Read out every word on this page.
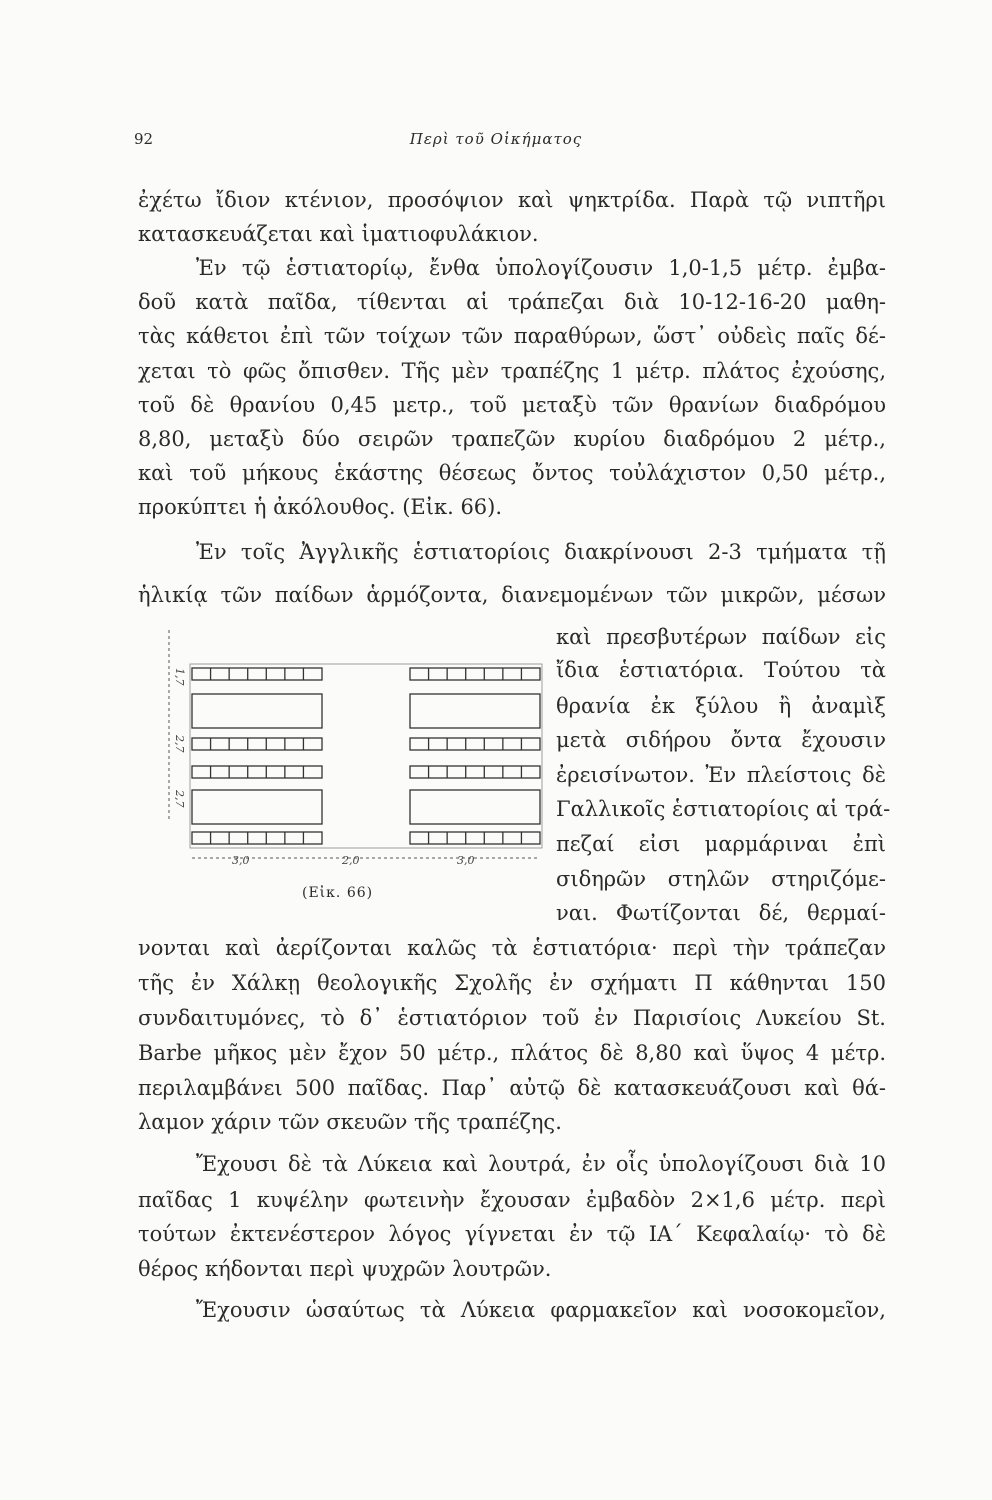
92	Περὶ τοῦ Οἰκήματος
ἐχέτω ἴδιον κτένιον, προσόψιον καὶ ψηκτρίδα. Παρὰ τῷ νιπτῆρι
κατασκευάζεται καὶ ἱματιοφυλάκιον.
Ἐν τῷ ἑστιατορίῳ, ἔνθα ὑπολογίζουσιν 1,0-1,5 μέτρ. ἐμβα-
δοῦ κατὰ παῖδα, τίθενται αἱ τράπεζαι διὰ 10-12-16-20 μαθη-
τὰς κάθετοι ἐπὶ τῶν τοίχων τῶν παραθύρων, ὥστ᾽ οὐδεὶς παῖς δέ-
χεται τὸ φῶς ὄπισθεν. Τῆς μὲν τραπέζης 1 μέτρ. πλάτος ἐχούσης,
τοῦ δὲ θρανίου 0,45 μετρ., τοῦ μεταξὺ τῶν θρανίων διαδρόμου
8,80, μεταξὺ δύο σειρῶν τραπεζῶν κυρίου διαδρόμου 2 μέτρ.,
καὶ τοῦ μήκους ἑκάστης θέσεως ὄντος τοὐλάχιστον 0,50 μέτρ.,
προκύπτει ἡ ἀκόλουθος. (Εἰκ. 66).
Ἐν τοῖς Ἀγγλικῆς ἑστιατορίοις διακρίνουσι 2-3 τμήματα τῇ
ἡλικίᾳ τῶν παίδων ἁρμόζοντα, διανεμομένων τῶν μικρῶν, μέσων
καὶ πρεσβυτέρων παίδων εἰς
ἴδια ἑστιατόρια. Τούτου τὰ
θρανία ἐκ ξύλου ἢ ἀναμὶξ
μετὰ σιδήρου ὄντα ἔχουσιν
ἐρεισίνωτον. Ἐν πλείστοις δὲ
Γαλλικοῖς ἑστιατορίοις αἱ τρά-
πεζαί εἰσι μαρμάριναι ἐπὶ
σιδηρῶν στηλῶν στηριζόμε-
ναι. Φωτίζονται δέ, θερμαί-
νονται καὶ ἀερίζονται καλῶς τὰ ἑστιατόρια· περὶ τὴν τράπεζαν
τῆς ἐν Χάλκῃ θεολογικῆς Σχολῆς ἐν σχήματι Π κάθηνται 150
συνδαιτυμόνες, τὸ δ᾽ ἑστιατόριον τοῦ ἐν Παρισίοις Λυκείου St.
Barbe μῆκος μὲν ἔχον 50 μέτρ., πλάτος δὲ 8,80 καὶ ὕψος 4 μέτρ.
περιλαμβάνει 500 παῖδας. Παρ᾽ αὐτῷ δὲ κατασκευάζουσι καὶ θά-
λαμον χάριν τῶν σκευῶν τῆς τραπέζης.
Ἔχουσι δὲ τὰ Λύκεια καὶ λουτρά, ἐν οἷς ὑπολογίζουσι διὰ 10
παῖδας 1 κυψέλην φωτεινὴν ἔχουσαν ἐμβαδὸν 2×1,6 μέτρ. περὶ
τούτων ἐκτενέστερον λόγος γίγνεται ἐν τῷ ΙΑ΄ Κεφαλαίῳ· τὸ δὲ
θέρος κήδονται περὶ ψυχρῶν λουτρῶν.
Ἔχουσιν ὡσαύτως τὰ Λύκεια φαρμακεῖον καὶ νοσοκομεῖον,
3,0	2,0	3,0
1,7
2,7
2,7
(Εἰκ. 66)
